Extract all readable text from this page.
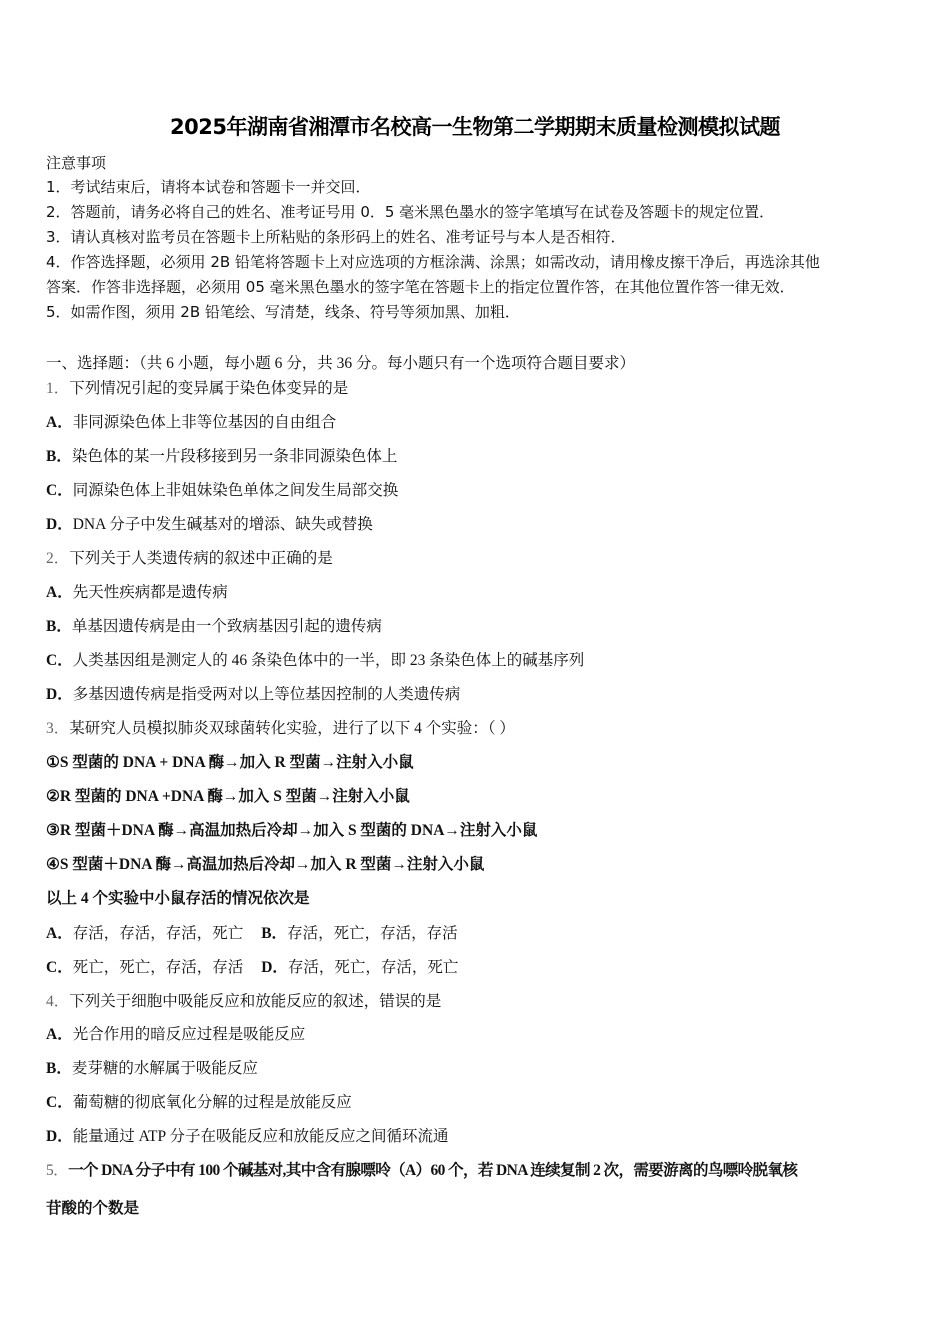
2025年湖南省湘潭市名校高一生物第二学期期末质量检测模拟试题
注意事项
1．考试结束后，请将本试卷和答题卡一并交回．
2．答题前，请务必将自己的姓名、准考证号用 0．5 毫米黑色墨水的签字笔填写在试卷及答题卡的规定位置．
3．请认真核对监考员在答题卡上所粘贴的条形码上的姓名、准考证号与本人是否相符．
4．作答选择题，必须用 2B 铅笔将答题卡上对应选项的方框涂满、涂黑；如需改动，请用橡皮擦干净后，再选涂其他
答案．作答非选择题，必须用 05 毫米黑色墨水的签字笔在答题卡上的指定位置作答，在其他位置作答一律无效．
5．如需作图，须用 2B 铅笔绘、写清楚，线条、符号等须加黑、加粗．
一、选择题：（共 6 小题，每小题 6 分，共 36 分。每小题只有一个选项符合题目要求）
1．下列情况引起的变异属于染色体变异的是
A．非同源染色体上非等位基因的自由组合
B．染色体的某一片段移接到另一条非同源染色体上
C．同源染色体上非姐妹染色单体之间发生局部交换
D．DNA 分子中发生碱基对的增添、缺失或替换
2．下列关于人类遗传病的叙述中正确的是
A．先天性疾病都是遗传病
B．单基因遗传病是由一个致病基因引起的遗传病
C．人类基因组是测定人的 46 条染色体中的一半，即 23 条染色体上的碱基序列
D．多基因遗传病是指受两对以上等位基因控制的人类遗传病
3．某研究人员模拟肺炎双球菌转化实验，进行了以下 4 个实验：（ ）
①S 型菌的 DNA + DNA 酶→加入 R 型菌→注射入小鼠
②R 型菌的 DNA +DNA 酶→加入 S 型菌→注射入小鼠
③R 型菌＋DNA 酶→高温加热后冷却→加入 S 型菌的 DNA→注射入小鼠
④S 型菌＋DNA 酶→高温加热后冷却→加入 R 型菌→注射入小鼠
以上 4 个实验中小鼠存活的情况依次是
A．存活，存活，存活，死亡 B．存活，死亡，存活，存活
C．死亡，死亡，存活，存活 D．存活，死亡，存活，死亡
4．下列关于细胞中吸能反应和放能反应的叙述，错误的是
A．光合作用的暗反应过程是吸能反应
B．麦芽糖的水解属于吸能反应
C．葡萄糖的彻底氧化分解的过程是放能反应
D．能量通过 ATP 分子在吸能反应和放能反应之间循环流通
5．一个 DNA 分子中有 100 个碱基对,其中含有腺嘌呤（A）60 个，若 DNA 连续复制 2 次，需要游离的鸟嘌呤脱氧核
苷酸的个数是
